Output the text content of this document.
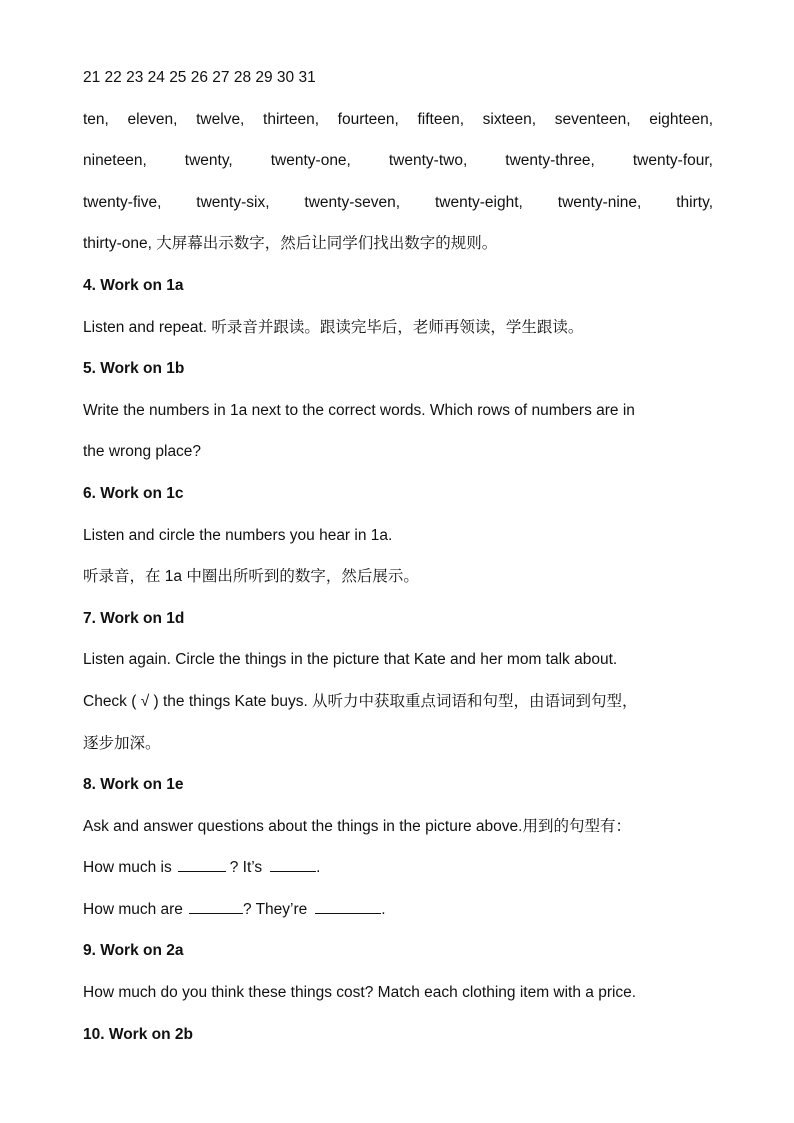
21 22 23 24 25 26 27 28 29 30 31
ten, eleven, twelve, thirteen, fourteen, fifteen, sixteen, seventeen, eighteen,
nineteen, twenty, twenty-one, twenty-two, twenty-three, twenty-four,
twenty-five, twenty-six, twenty-seven, twenty-eight, twenty-nine, thirty,
thirty-one, 大屏幕出示数字，然后让同学们找出数字的规则。
4. Work on 1a
Listen and repeat. 听录音并跟读。跟读完毕后，老师再领读，学生跟读。
5. Work on 1b
Write the numbers in 1a next to the correct words. Which rows of numbers are in
the wrong place?
6. Work on 1c
Listen and circle the numbers you hear in 1a.
听录音，在 1a 中圈出所听到的数字，然后展示。
7. Work on 1d
Listen again. Circle the things in the picture that Kate and her mom talk about.
Check ( √ ) the things Kate buys. 从听力中获取重点词语和句型，由语词到句型，
逐步加深。
8. Work on 1e
Ask and answer questions about the things in the picture above.用到的句型有：
How much is	? It’s	.
How much are	? They’re	.
9. Work on 2a
How much do you think these things cost? Match each clothing item with a price.
10. Work on 2b
